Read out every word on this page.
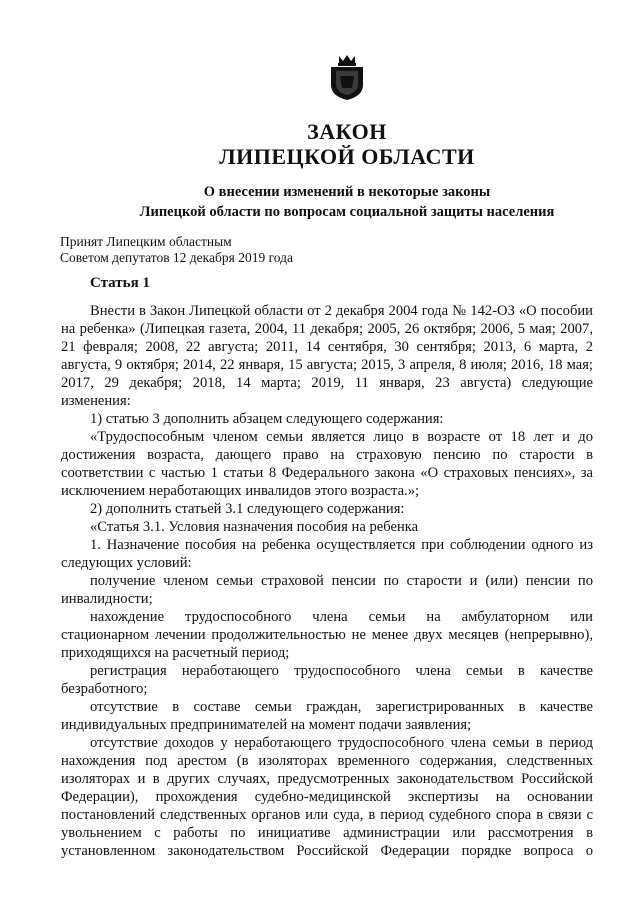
ЗАКОН
ЛИПЕЦКОЙ ОБЛАСТИ
О внесении изменений в некоторые законы
Липецкой области по вопросам социальной защиты населения
Принят Липецким областным
Советом депутатов 12 декабря 2019 года
Статья 1
Внести в Закон Липецкой области от 2 декабря 2004 года № 142-ОЗ «О пособии
на ребенка» (Липецкая газета, 2004, 11 декабря; 2005, 26 октября; 2006, 5 мая; 2007,
21 февраля; 2008, 22 августа; 2011, 14 сентября, 30 сентября; 2013, 6 марта, 2
августа, 9 октября; 2014, 22 января, 15 августа; 2015, 3 апреля, 8 июля; 2016, 18 мая;
2017, 29 декабря; 2018, 14 марта; 2019, 11 января, 23 августа) следующие
изменения:
1) статью 3 дополнить абзацем следующего содержания:
«Трудоспособным членом семьи является лицо в возрасте от 18 лет и до
достижения возраста, дающего право на страховую пенсию по старости в
соответствии с частью 1 статьи 8 Федерального закона «О страховых пенсиях», за
исключением неработающих инвалидов этого возраста.»;
2) дополнить статьей 3.1 следующего содержания:
«Статья 3.1. Условия назначения пособия на ребенка
1. Назначение пособия на ребенка осуществляется при соблюдении одного из
следующих условий:
получение членом семьи страховой пенсии по старости и (или) пенсии по
инвалидности;
нахождение трудоспособного члена семьи на амбулаторном или
стационарном лечении продолжительностью не менее двух месяцев (непрерывно),
приходящихся на расчетный период;
регистрация неработающего трудоспособного члена семьи в качестве
безработного;
отсутствие в составе семьи граждан, зарегистрированных в качестве
индивидуальных предпринимателей на момент подачи заявления;
отсутствие доходов у неработающего трудоспособного члена семьи в период
нахождения под арестом (в изоляторах временного содержания, следственных
изоляторах и в других случаях, предусмотренных законодательством Российской
Федерации), прохождения судебно-медицинской экспертизы на основании
постановлений следственных органов или суда, в период судебного спора в связи с
увольнением с работы по инициативе администрации или рассмотрения в
установленном законодательством Российской Федерации порядке вопроса о
